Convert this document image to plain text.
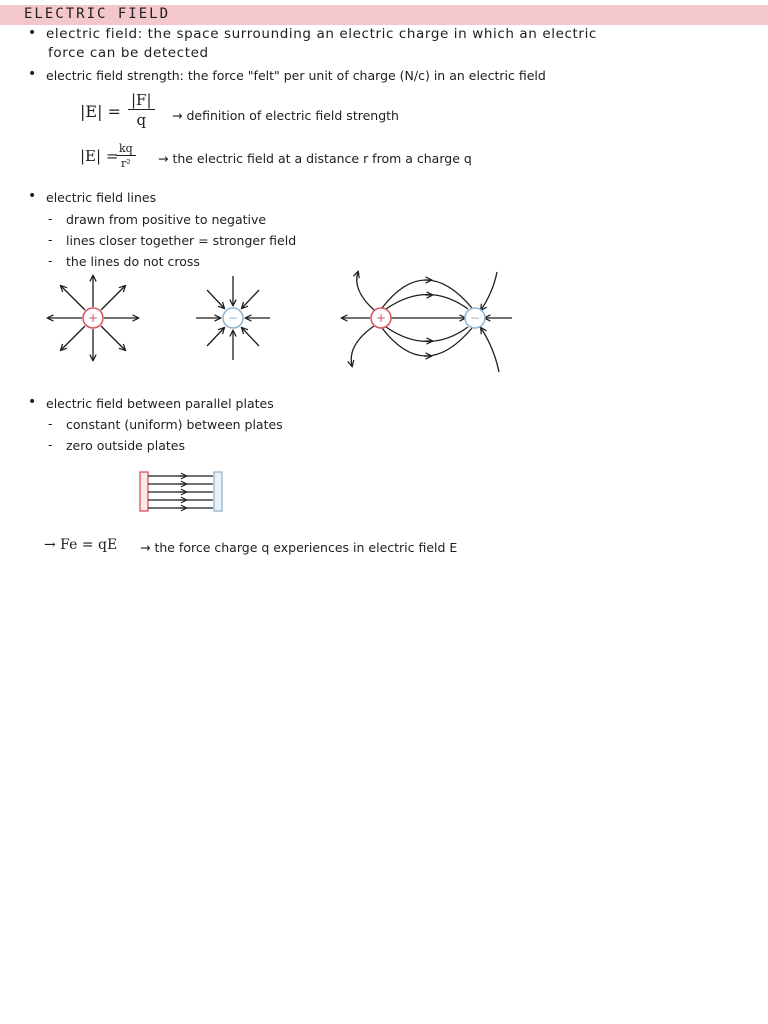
ELECTRIC FIELD
• electric field: the space surrounding an electric charge in which an electric
force can be detected
• electric field strength: the force "felt" per unit of charge (N/c) in an electric field
$|E| = \frac{|F|}{q}$ → definition of electric field strength
|E| =
$\frac{kq}{\text{r²}}$ → the electric field at a distance r from a charge q
• electric field lines
- drawn from positive to negative
- lines closer together = stronger field
- the lines do not cross
+	−	+	−
• electric field between parallel plates
- constant (uniform) between plates
- zero outside plates
→ Fe = qE → the force charge q experiences in electric field E
